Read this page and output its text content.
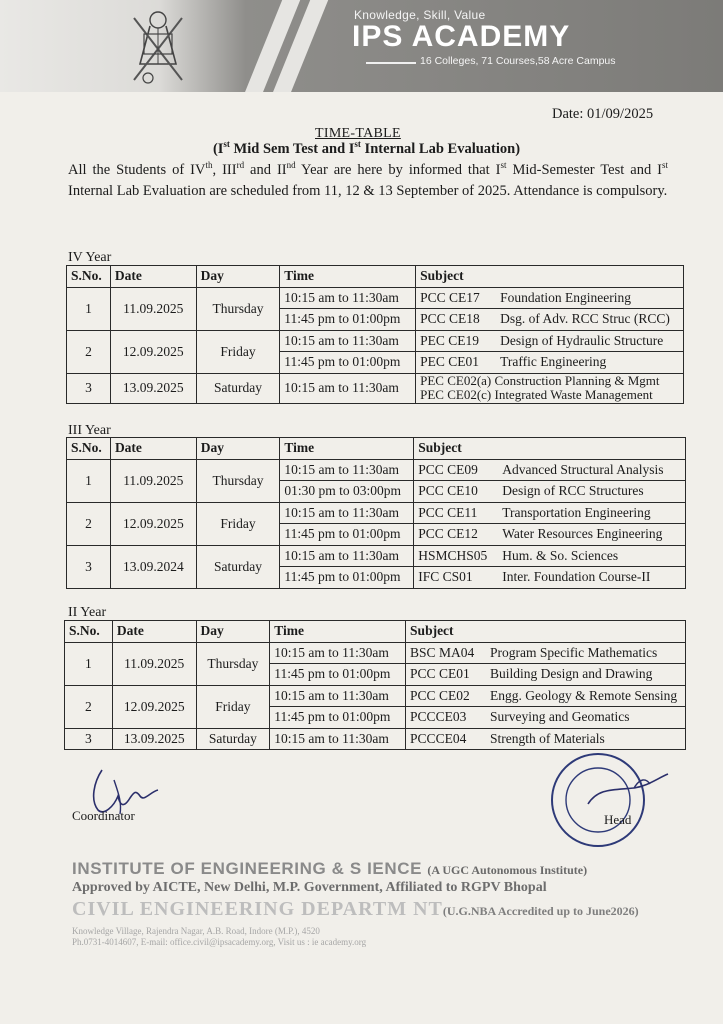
Knowledge, Skill, Value
IPS ACADEMY
16 Colleges, 71 Courses,58 Acre Campus
Date: 01/09/2025
TIME-TABLE
(Ist Mid Sem Test and Ist Internal Lab Evaluation)
All the Students of IVth, IIIrd and IInd Year are here by informed that Ist Mid-Semester Test and Ist Internal Lab Evaluation are scheduled from 11, 12 & 13 September of 2025. Attendance is compulsory.
IV Year
S.No.	Date	Day	Time	Subject
1	11.09.2025	Thursday	10:15 am to 11:30am	PCC CE17 Foundation Engineering
			11:45 pm to 01:00pm	PCC CE18 Dsg. of Adv. RCC Struc (RCC)
2	12.09.2025	Friday	10:15 am to 11:30am	PEC CE19 Design of Hydraulic Structure
			11:45 pm to 01:00pm	PEC CE01 Traffic Engineering
3	13.09.2025	Saturday	10:15 am to 11:30am	PEC CE02(a) Construction Planning & Mgmt
PEC CE02(c) Integrated Waste Management
III Year
S.No.	Date	Day	Time	Subject
1	11.09.2025	Thursday	10:15 am to 11:30am	PCC CE09 Advanced Structural Analysis
			01:30 pm to 03:00pm	PCC CE10 Design of RCC Structures
2	12.09.2025	Friday	10:15 am to 11:30am	PCC CE11 Transportation Engineering
			11:45 pm to 01:00pm	PCC CE12 Water Resources Engineering
3	13.09.2024	Saturday	10:15 am to 11:30am	HSMCHS05 Hum. & So. Sciences
			11:45 pm to 01:00pm	IFC CS01 Inter. Foundation Course-II
II Year
S.No.	Date	Day	Time	Subject
1	11.09.2025	Thursday	10:15 am to 11:30am	BSC MA04 Program Specific Mathematics
			11:45 pm to 01:00pm	PCC CE01 Building Design and Drawing
2	12.09.2025	Friday	10:15 am to 11:30am	PCC CE02 Engg. Geology & Remote Sensing
			11:45 pm to 01:00pm	PCCCE03 Surveying and Geomatics
3	13.09.2025	Saturday	10:15 am to 11:30am	PCCCE04 Strength of Materials
Coordinator	Head
INSTITUTE OF ENGINEERING & S IENCE (A UGC Autonomous Institute)
Approved by AICTE, New Delhi, M.P. Government, Affiliated to RGPV Bhopal
CIVIL ENGINEERING DEPARTM NT(U.G.NBA Accredited up to June2026)
Knowledge Village, Rajendra Nagar, A.B. Road, Indore (M.P.), 4520
Ph.0731-4014607, E-mail: office.civil@ipsacademy.org, Visit us : ie academy.org
